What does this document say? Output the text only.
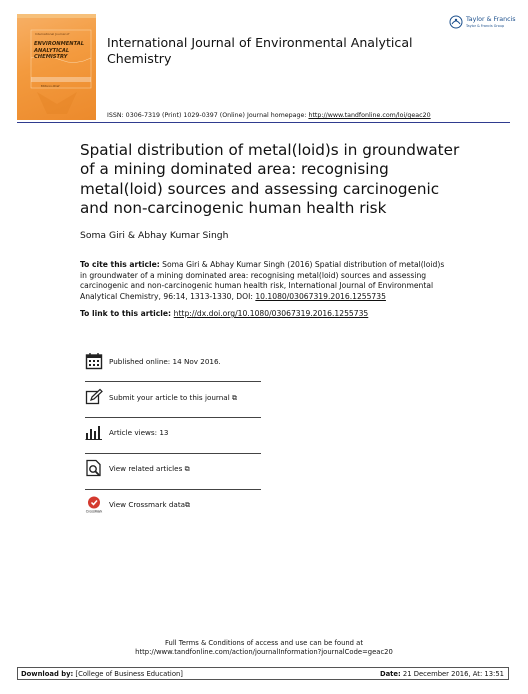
International Journal of
ENVIRONMENTAL
ANALYTICAL
CHEMISTRY
Editor-in-Chief
International Journal of Environmental Analytical Chemistry
Taylor & Francis
Taylor & Francis Group
ISSN: 0306-7319 (Print) 1029-0397 (Online) Journal homepage: http://www.tandfonline.com/loi/geac20
Spatial distribution of metal(loid)s in groundwater of a mining dominated area: recognising metal(loid) sources and assessing carcinogenic and non-carcinogenic human health risk
Soma Giri & Abhay Kumar Singh
To cite this article: Soma Giri & Abhay Kumar Singh (2016) Spatial distribution of metal(loid)s in groundwater of a mining dominated area: recognising metal(loid) sources and assessing carcinogenic and non-carcinogenic human health risk, International Journal of Environmental Analytical Chemistry, 96:14, 1313-1330, DOI: 10.1080/03067319.2016.1255735
To link to this article: http://dx.doi.org/10.1080/03067319.2016.1255735
Published online: 14 Nov 2016.
Submit your article to this journal ⧉
Article views: 13
View related articles ⧉
CrossMark
View Crossmark data⧉
Full Terms & Conditions of access and use can be found at
http://www.tandfonline.com/action/journalInformation?journalCode=geac20
Download by: [College of Business Education]	Date: 21 December 2016, At: 13:51
